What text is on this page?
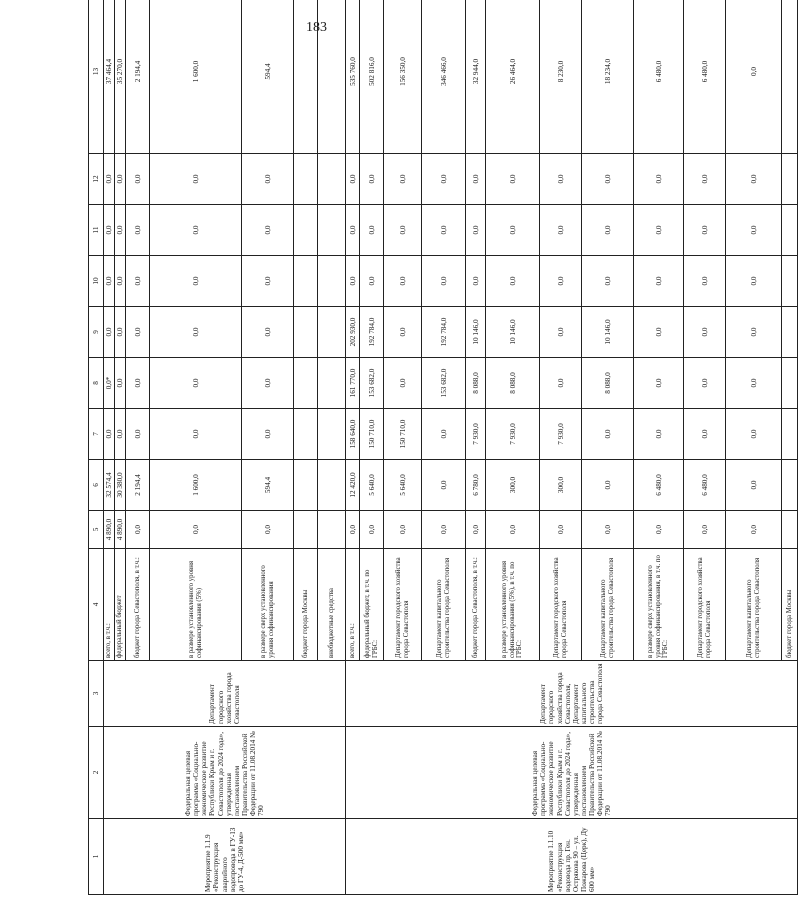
183
1	2	3	4	5	6	7	8	9	10	11	12	13
Мероприятие 1.1.9 «Реконструкция аварийного водопровода в ГУ-13 до ГУ-4, Д-500 мм»	Федеральная целевая программа «Социально-экономическое развитие Республики Крым и г. Севастополя до 2024 года», утвержденная постановлением Правительства Российской Федерации от 11.08.2014 № 790	Департамент городского хозяйства города Севастополя	всего, в т.ч.:	4 890,0	32 574,4	0,0	0,0*	0,0	0,0	0,0	0,0	37 464,4
			федеральный бюджет	4 890,0	30 380,0	0,0	0,0	0,0	0,0	0,0	0,0	35 270,0
			бюджет города Севастополя, в т.ч.:	0,0	2 194,4	0,0	0,0	0,0	0,0	0,0	0,0	2 194,4
			в размере установленного уровня софинансирования (5%)	0,0	1 600,0	0,0	0,0	0,0	0,0	0,0	0,0	1 600,0
			в размере сверх установленного уровня софинансирования	0,0	594,4	0,0	0,0	0,0	0,0	0,0	0,0	594,4
			бюджет города Москвы									
			внебюджетные средства									
Мероприятие 1.1.10 «Реконструкция водовода пр. Ген. Острякова 90 – ул. Пожарова (Церк), Ду 600 мм»	Федеральная целевая программа «Социально-экономическое развитие Республики Крым и г. Севастополя до 2024 года», утвержденная постановлением Правительства Российской Федерации от 11.08.2014 № 790	Департамент городского хозяйства города Севастополя, Департамент капитального строительства города Севастополя	всего, в т.ч.:	0,0	12 420,0	158 640,0	161 770,0	202 930,0	0,0	0,0	0,0	535 760,0
			федеральный бюджет, в т.ч. по ГРБС:	0,0	5 640,0	150 710,0	153 682,0	192 784,0	0,0	0,0	0,0	502 816,0
			Департамент городского хозяйства города Севастополя	0,0	5 640,0	150 710,0	0,0	0,0	0,0	0,0	0,0	156 350,0
			Департамент капитального строительства города Севастополя	0,0	0,0	0,0	153 682,0	192 784,0	0,0	0,0	0,0	346 466,0
			бюджет города Севастополя, в т.ч.:	0,0	6 780,0	7 930,0	8 088,0	10 146,0	0,0	0,0	0,0	32 944,0
			в размере установленного уровня софинансирования (5%), в т.ч. по ГРБС:	0,0	300,0	7 930,0	8 088,0	10 146,0	0,0	0,0	0,0	26 464,0
			Департамент городского хозяйства города Севастополя	0,0	300,0	7 930,0	0,0	0,0	0,0	0,0	0,0	8 230,0
			Департамент капитального строительства города Севастополя	0,0	0,0	0,0	8 088,0	10 146,0	0,0	0,0	0,0	18 234,0
			в размере сверх установленного уровня софинансирования, в т.ч. по ГРБС:	0,0	6 480,0	0,0	0,0	0,0	0,0	0,0	0,0	6 480,0
			Департамент городского хозяйства города Севастополя	0,0	6 480,0	0,0	0,0	0,0	0,0	0,0	0,0	6 480,0
			Департамент капитального строительства города Севастополя	0,0	0,0	0,0	0,0	0,0	0,0	0,0	0,0	0,0
			бюджет города Москвы									
